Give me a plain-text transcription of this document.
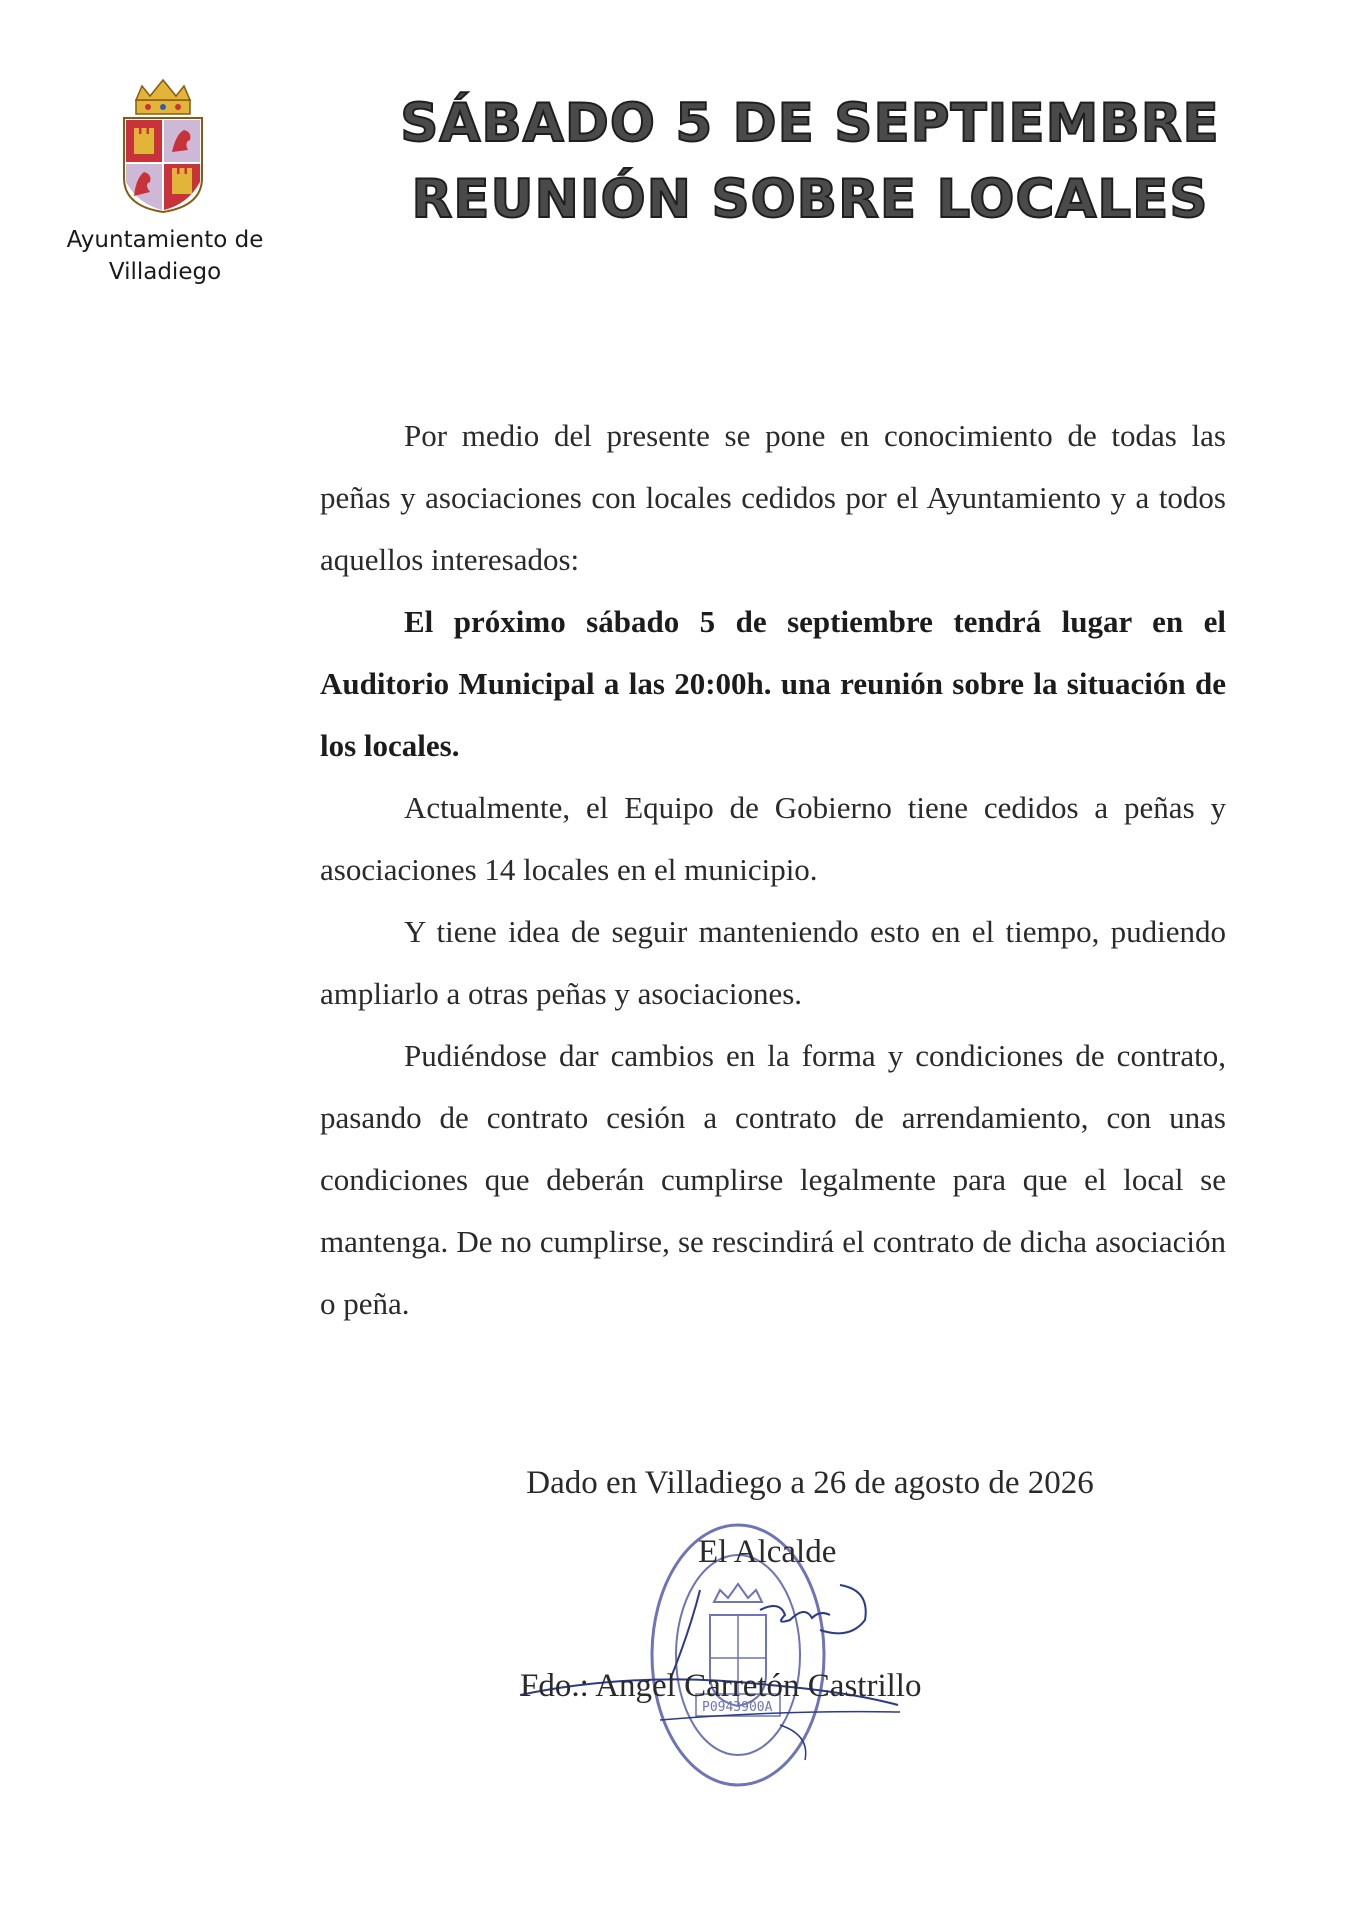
Ayuntamiento de
Villadiego
SÁBADO 5 DE SEPTIEMBRE
REUNIÓN SOBRE LOCALES

Por medio del presente se pone en conocimiento de todas las peñas y asociaciones con locales cedidos por el Ayuntamiento y a todos aquellos interesados:

El próximo sábado 5 de septiembre tendrá lugar en el Auditorio Municipal a las 20:00h. una reunión sobre la situación de los locales.

Actualmente, el Equipo de Gobierno tiene cedidos a peñas y asociaciones 14 locales en el municipio.

Y tiene idea de seguir manteniendo esto en el tiempo, pudiendo ampliarlo a otras peñas y asociaciones.

Pudiéndose dar cambios en la forma y condiciones de contrato, pasando de contrato cesión a contrato de arrendamiento, con unas condiciones que deberán cumplirse legalmente para que el local se mantenga. De no cumplirse, se rescindirá el contrato de dicha asociación o peña.

Dado en Villadiego a 26 de agosto de 2026
P0943900A
El Alcalde
Fdo.: Angel Carretón Castrillo
